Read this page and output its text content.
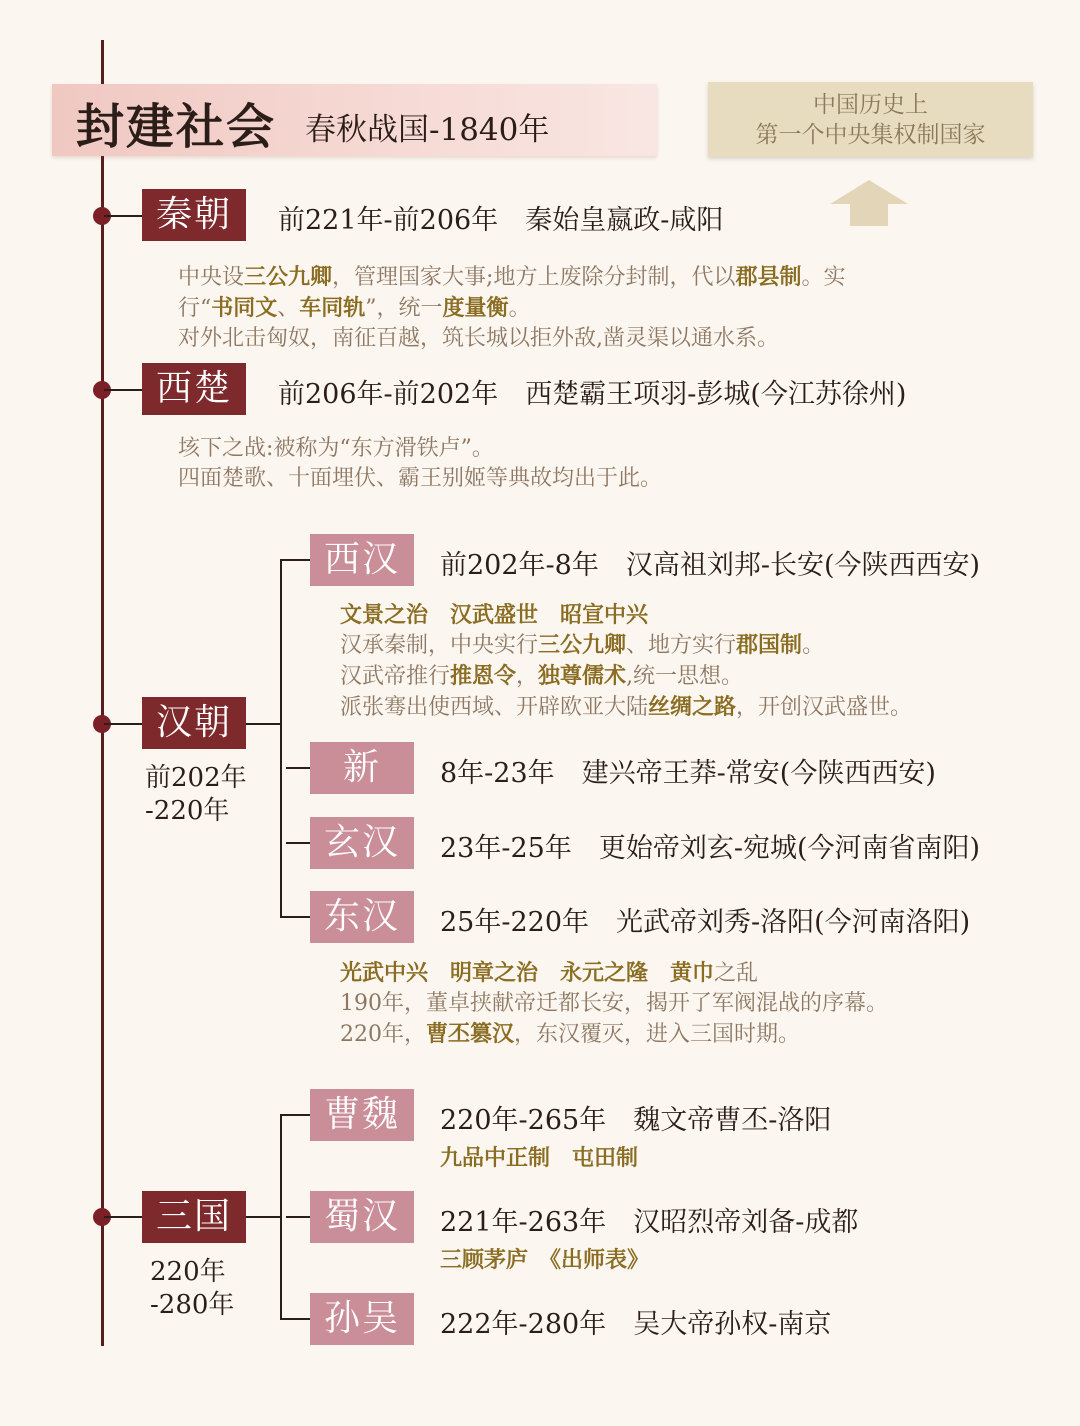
封建社会 春秋战国-1840年
中国历史上
第一个中央集权制国家
秦朝	前221年-前206年　秦始皇嬴政-咸阳
中央设三公九卿，管理国家大事;地方上废除分封制，代以郡县制。实
行“书同文、车同轨”，统一度量衡。
对外北击匈奴，南征百越，筑长城以拒外敌,凿灵渠以通水系。
西楚	前206年-前202年　西楚霸王项羽-彭城(今江苏徐州)
垓下之战:被称为“东方滑铁卢”。
四面楚歌、十面埋伏、霸王别姬等典故均出于此。
汉朝
前202年
-220年
西汉	前202年-8年　汉高祖刘邦-长安(今陕西西安)
文景之治　汉武盛世　昭宣中兴
汉承秦制，中央实行三公九卿、地方实行郡国制。
汉武帝推行推恩令，独尊儒术,统一思想。
派张骞出使西域、开辟欧亚大陆丝绸之路，开创汉武盛世。
新	8年-23年　建兴帝王莽-常安(今陕西西安)
玄汉	23年-25年　更始帝刘玄-宛城(今河南省南阳)
东汉	25年-220年　光武帝刘秀-洛阳(今河南洛阳)
光武中兴　明章之治　永元之隆　黄巾之乱
190年，董卓挟献帝迁都长安，揭开了军阀混战的序幕。
220年，曹丕篡汉，东汉覆灭，进入三国时期。
三国
220年
-280年
曹魏	220年-265年　魏文帝曹丕-洛阳
九品中正制　屯田制
蜀汉	221年-263年　汉昭烈帝刘备-成都
三顾茅庐　 《出师表》
孙吴	222年-280年　吴大帝孙权-南京
